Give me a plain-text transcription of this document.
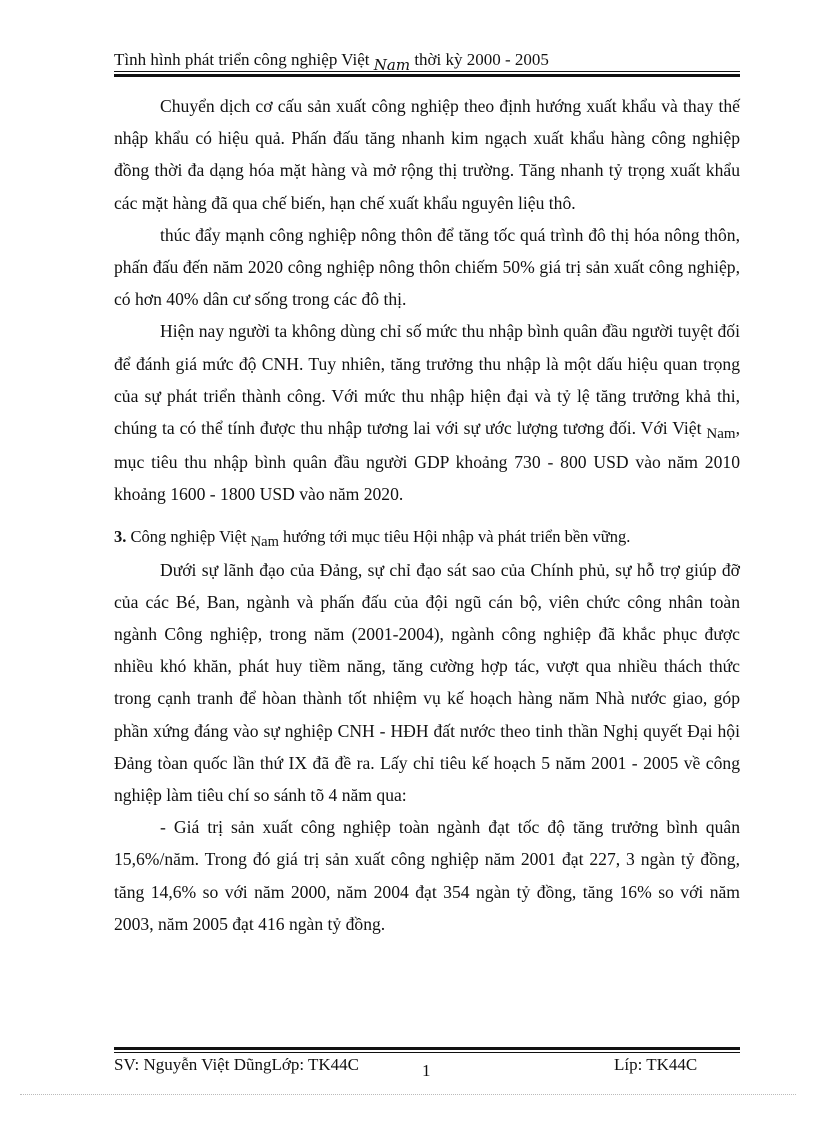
Tình hình phát triển công nghiệp Việt Nam thời kỳ 2000 - 2005

Chuyển dịch cơ cấu sản xuất công nghiệp theo định hướng xuất khẩu và thay thế nhập khẩu có hiệu quả. Phấn đấu tăng nhanh kim ngạch xuất khẩu hàng công nghiệp đồng thời đa dạng hóa mặt hàng và mở rộng thị trường. Tăng nhanh tỷ trọng xuất khẩu các mặt hàng đã qua chế biến, hạn chế xuất khẩu nguyên liệu thô.

thúc đẩy mạnh công nghiệp nông thôn để tăng tốc quá trình đô thị hóa nông thôn, phấn đấu đến năm 2020 công nghiệp nông thôn chiếm 50% giá trị sản xuất công nghiệp, có hơn 40% dân cư sống trong các đô thị.

Hiện nay người ta không dùng chỉ số mức thu nhập bình quân đầu người tuyệt đối để đánh giá mức độ CNH. Tuy nhiên, tăng trưởng thu nhập là một dấu hiệu quan trọng của sự phát triển thành công. Với mức thu nhập hiện đại và tỷ lệ tăng trưởng khả thi, chúng ta có thể tính được thu nhập tương lai với sự ước lượng tương đối. Với Việt Nam, mục tiêu thu nhập bình quân đầu người GDP khoảng 730 - 800 USD vào năm 2010 khoảng 1600 - 1800 USD vào năm 2020.

3. Công nghiệp Việt Nam hướng tới mục tiêu Hội nhập và phát triển bền vững.

Dưới sự lãnh đạo của Đảng, sự chỉ đạo sát sao của Chính phủ, sự hỗ trợ giúp đỡ của các Bé, Ban, ngành và phấn đấu của đội ngũ cán bộ, viên chức công nhân toàn ngành Công nghiệp, trong năm (2001-2004), ngành công nghiệp đã khắc phục được nhiều khó khăn, phát huy tiềm năng, tăng cường hợp tác, vượt qua nhiều thách thức trong cạnh tranh để hòan thành tốt nhiệm vụ kế hoạch hàng năm Nhà nước giao, góp phần xứng đáng vào sự nghiệp CNH - HĐH đất nước theo tinh thần Nghị quyết Đại hội Đảng tòan quốc lần thứ IX đã đề ra. Lấy chỉ tiêu kế hoạch 5 năm 2001 - 2005 về công nghiệp làm tiêu chí so sánh tõ 4 năm qua:

- Giá trị sản xuất công nghiệp toàn ngành đạt tốc độ tăng trưởng bình quân 15,6%/năm. Trong đó giá trị sản xuất công nghiệp năm 2001 đạt 227, 3 ngàn tỷ đồng, tăng 14,6% so với năm 2000, năm 2004 đạt 354 ngàn tỷ đồng, tăng 16% so với năm 2003, năm 2005 đạt 416 ngàn tỷ đồng.

SV: Nguyễn Việt DũngLớp: TK44C	1	Líp: TK44C
